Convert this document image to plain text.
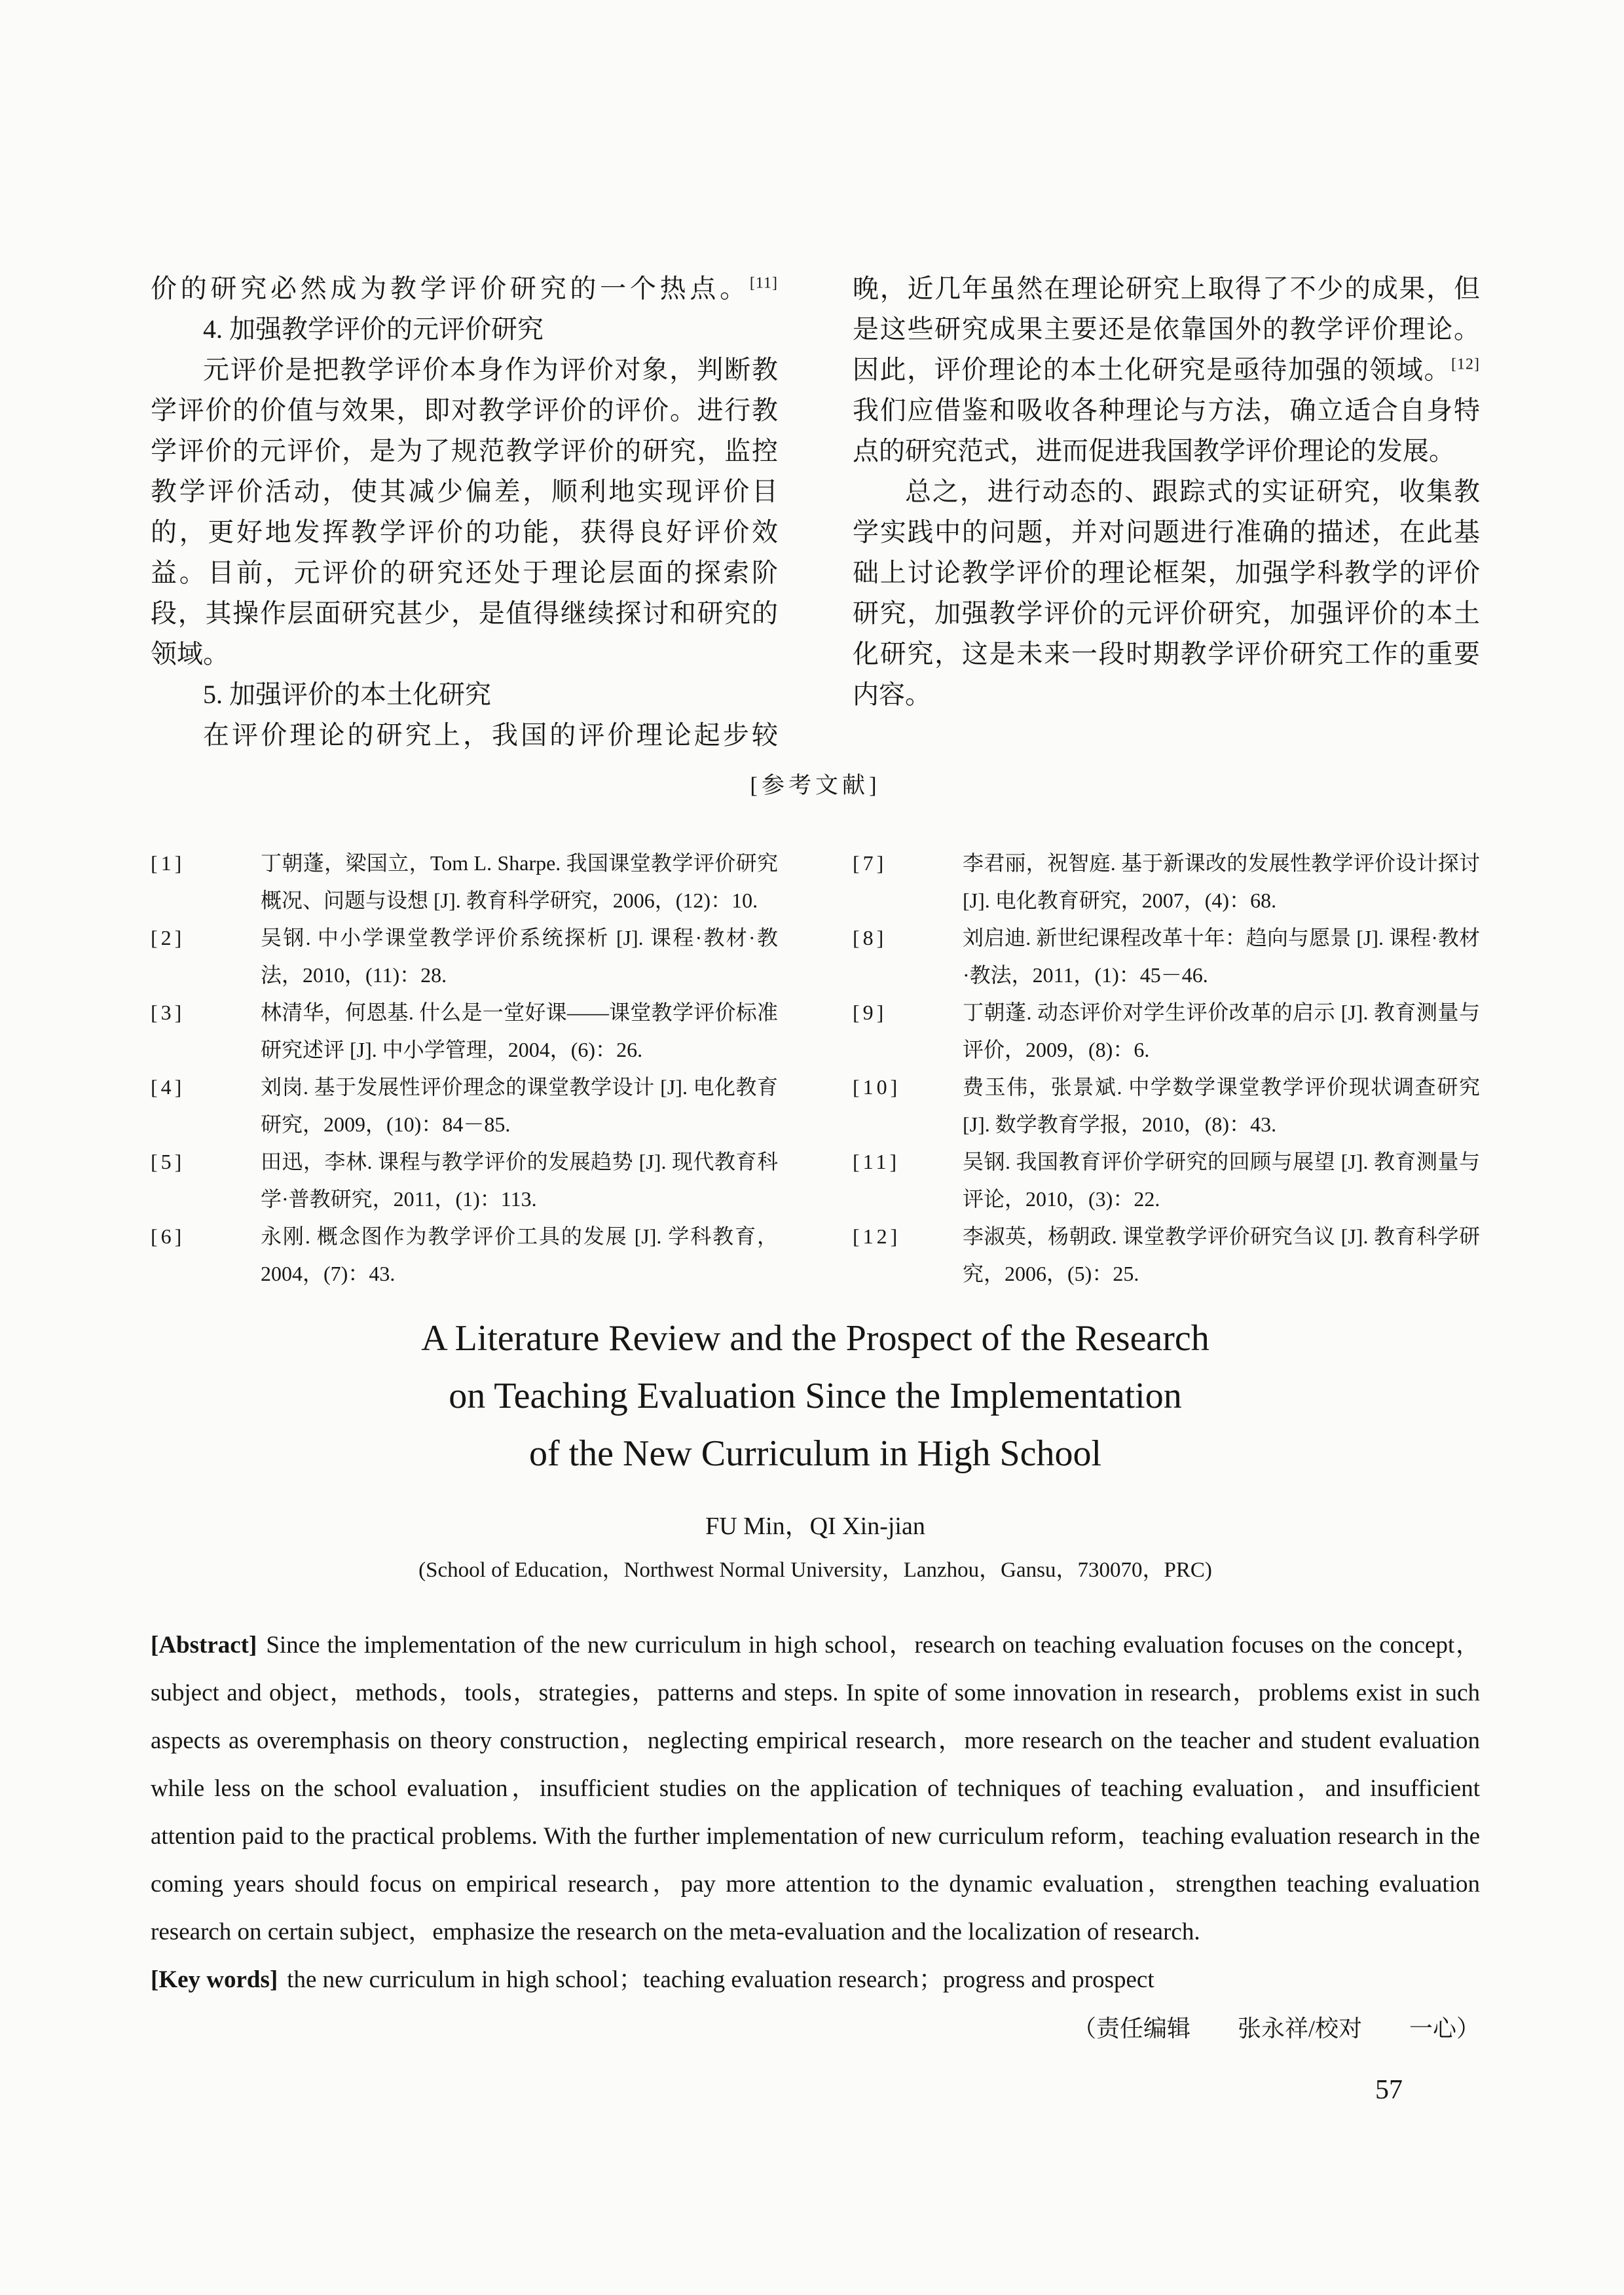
价的研究必然成为教学评价研究的一个热点。[11]

4. 加强教学评价的元评价研究

元评价是把教学评价本身作为评价对象，判断教学评价的价值与效果，即对教学评价的评价。进行教学评价的元评价，是为了规范教学评价的研究，监控教学评价活动，使其减少偏差，顺利地实现评价目的，更好地发挥教学评价的功能，获得良好评价效益。目前，元评价的研究还处于理论层面的探索阶段，其操作层面研究甚少，是值得继续探讨和研究的领域。

5. 加强评价的本土化研究

在评价理论的研究上，我国的评价理论起步较

晚，近几年虽然在理论研究上取得了不少的成果，但是这些研究成果主要还是依靠国外的教学评价理论。因此，评价理论的本土化研究是亟待加强的领域。[12]我们应借鉴和吸收各种理论与方法，确立适合自身特点的研究范式，进而促进我国教学评价理论的发展。

总之，进行动态的、跟踪式的实证研究，收集教学实践中的问题，并对问题进行准确的描述，在此基础上讨论教学评价的理论框架，加强学科教学的评价研究，加强教学评价的元评价研究，加强评价的本土化研究，这是未来一段时期教学评价研究工作的重要内容。

[参考文献]
[1]	丁朝蓬，梁国立，Tom L. Sharpe. 我国课堂教学评价研究概况、问题与设想 [J]. 教育科学研究，2006，(12)：10.
[2]	吴钢. 中小学课堂教学评价系统探析 [J]. 课程·教材·教法，2010，(11)：28.
[3]	林清华，何恩基. 什么是一堂好课——课堂教学评价标准研究述评 [J]. 中小学管理，2004，(6)：26.
[4]	刘岗. 基于发展性评价理念的课堂教学设计 [J]. 电化教育研究，2009，(10)：84－85.
[5]	田迅，李林. 课程与教学评价的发展趋势 [J]. 现代教育科学·普教研究，2011，(1)：113.
[6]	永刚. 概念图作为教学评价工具的发展 [J]. 学科教育，2004，(7)：43.
[7]	李君丽，祝智庭. 基于新课改的发展性教学评价设计探讨 [J]. 电化教育研究，2007，(4)：68.
[8]	刘启迪. 新世纪课程改革十年：趋向与愿景 [J]. 课程·教材·教法，2011，(1)：45－46.
[9]	丁朝蓬. 动态评价对学生评价改革的启示 [J]. 教育测量与评价，2009，(8)：6.
[10]	费玉伟，张景斌. 中学数学课堂教学评价现状调查研究 [J]. 数学教育学报，2010，(8)：43.
[11]	吴钢. 我国教育评价学研究的回顾与展望 [J]. 教育测量与评论，2010，(3)：22.
[12]	李淑英，杨朝政. 课堂教学评价研究刍议 [J]. 教育科学研究，2006，(5)：25.
A Literature Review and the Prospect of the Research
on Teaching Evaluation Since the Implementation
of the New Curriculum in High School
FU Min，QI Xin-jian
(School of Education，Northwest Normal University，Lanzhou，Gansu，730070，PRC)

[Abstract] Since the implementation of the new curriculum in high school，research on teaching evaluation focuses on the concept，subject and object，methods，tools，strategies，patterns and steps. In spite of some innovation in research，problems exist in such aspects as overemphasis on theory construction，neglecting empirical research，more research on the teacher and student evaluation while less on the school evaluation，insufficient studies on the application of techniques of teaching evaluation，and insufficient attention paid to the practical problems. With the further implementation of new curriculum reform，teaching evaluation research in the coming years should focus on empirical research，pay more attention to the dynamic evaluation，strengthen teaching evaluation research on certain subject，emphasize the research on the meta-evaluation and the localization of research.

[Key words] the new curriculum in high school；teaching evaluation research；progress and prospect

（责任编辑　　张永祥/校对　　一心）
57
